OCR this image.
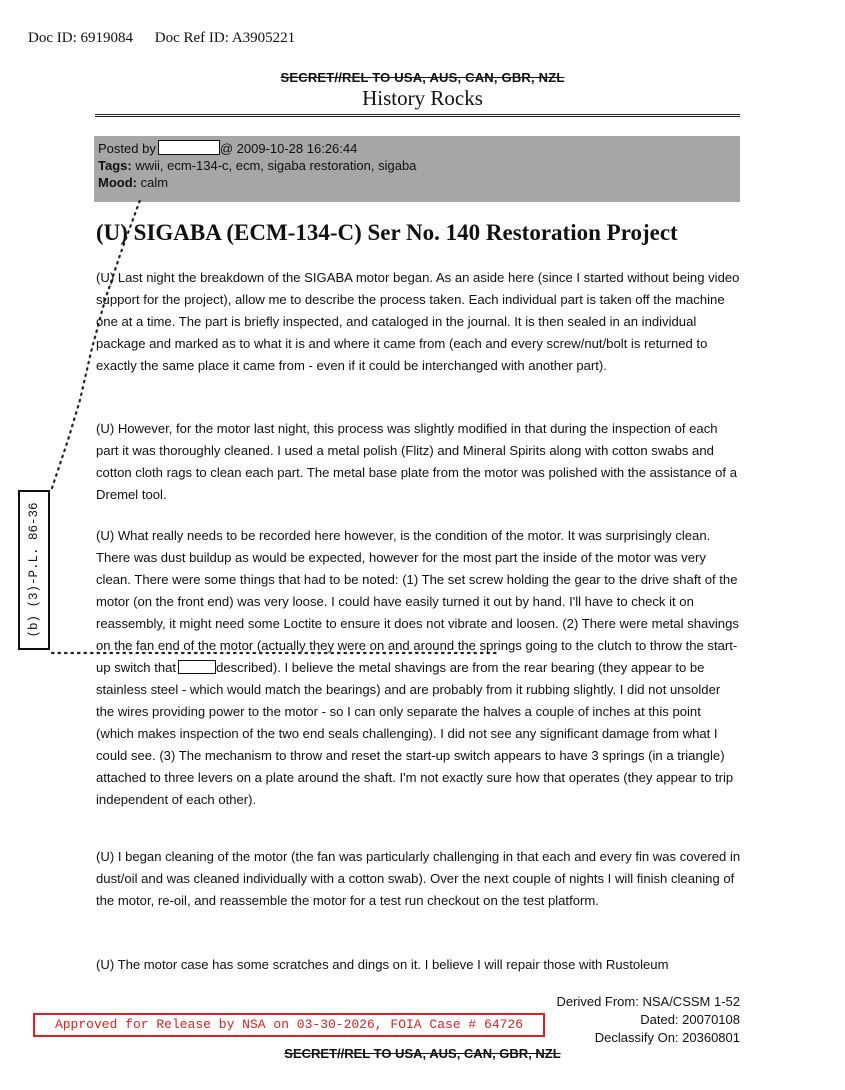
Doc ID: 6919084 Doc Ref ID: A3905221
SECRET//REL TO USA, AUS, CAN, GBR, NZL
History Rocks
Posted by	@ 2009-10-28 16:26:44
Tags: wwii, ecm-134-c, ecm, sigaba restoration, sigaba
Mood: calm
(U) SIGABA (ECM-134-C) Ser No. 140 Restoration Project

(U) Last night the breakdown of the SIGABA motor began. As an aside here (since I started without being video support for the project), allow me to describe the process taken. Each individual part is taken off the machine one at a time. The part is briefly inspected, and cataloged in the journal. It is then sealed in an individual package and marked as to what it is and where it came from (each and every screw/nut/bolt is returned to exactly the same place it came from - even if it could be interchanged with another part).

(U) However, for the motor last night, this process was slightly modified in that during the inspection of each part it was thoroughly cleaned. I used a metal polish (Flitz) and Mineral Spirits along with cotton swabs and cotton cloth rags to clean each part. The metal base plate from the motor was polished with the assistance of a Dremel tool.

(U) What really needs to be recorded here however, is the condition of the motor. It was surprisingly clean. There was dust buildup as would be expected, however for the most part the inside of the motor was very clean. There were some things that had to be noted: (1) The set screw holding the gear to the drive shaft of the motor (on the front end) was very loose. I could have easily turned it out by hand. I'll have to check it on reassembly, it might need some Loctite to ensure it does not vibrate and loosen. (2) There were metal shavings on the fan end of the motor (actually they were on and around the springs going to the clutch to throw the start-up switch that	described). I believe the metal shavings are from the rear bearing (they appear to be stainless steel - which would match the bearings) and are probably from it rubbing slightly. I did not unsolder the wires providing power to the motor - so I can only separate the halves a couple of inches at this point (which makes inspection of the two end seals challenging). I did not see any significant damage from what I could see. (3) The mechanism to throw and reset the start-up switch appears to have 3 springs (in a triangle) attached to three levers on a plate around the shaft. I'm not exactly sure how that operates (they appear to trip independent of each other).

(U) I began cleaning of the motor (the fan was particularly challenging in that each and every fin was covered in dust/oil and was cleaned individually with a cotton swab). Over the next couple of nights I will finish cleaning of the motor, re-oil, and reassemble the motor for a test run checkout on the test platform.

(U) The motor case has some scratches and dings on it. I believe I will repair those with Rustoleum

(b) (3)-P.L. 86-36
Derived From: NSA/CSSM 1-52
Dated: 20070108
Declassify On: 20360801
Approved for Release by NSA on 03-30-2026, FOIA Case # 64726
SECRET//REL TO USA, AUS, CAN, GBR, NZL
